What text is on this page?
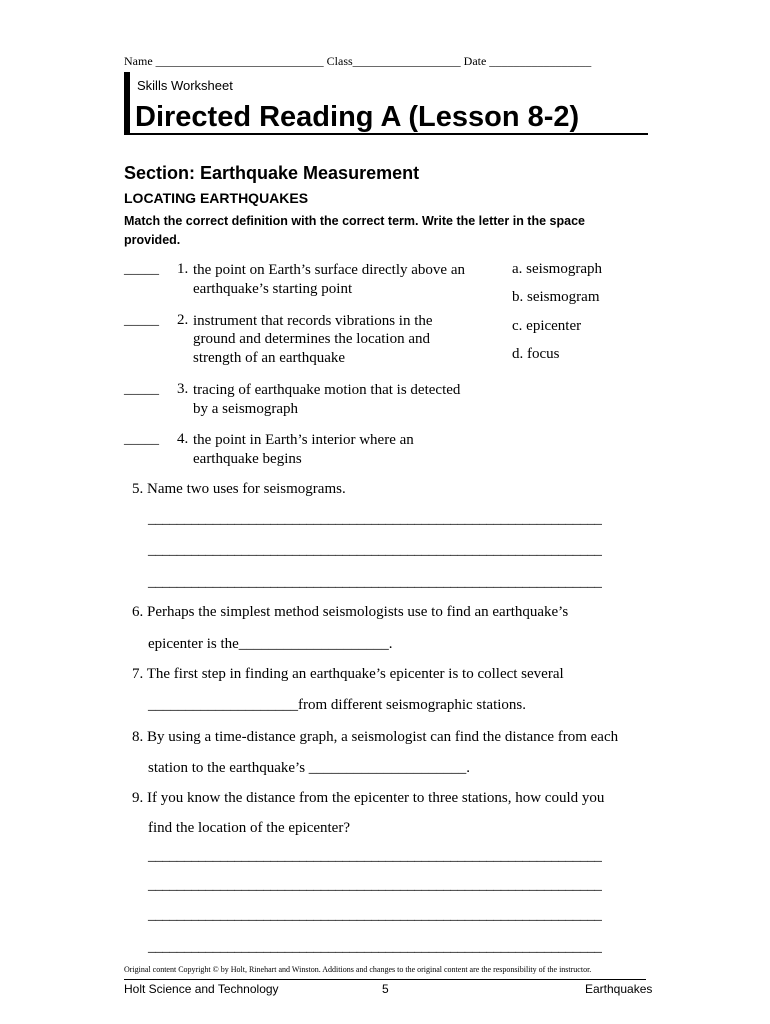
Name ____________________________ Class__________________ Date _________________
Skills Worksheet
Directed Reading A (Lesson 8-2)
Section: Earthquake Measurement
LOCATING EARTHQUAKES
Match the correct definition with the correct term. Write the letter in the space provided.
_____ 1. the point on Earth’s surface directly above an
earthquake’s starting point
_____ 2. instrument that records vibrations in the
ground and determines the location and
strength of an earthquake
_____ 3. tracing of earthquake motion that is detected
by a seismograph
_____ 4. the point in Earth’s interior where an
earthquake begins
a. seismograph
b. seismogram
c. epicenter
d. focus
5. Name two uses for seismograms.
_______________________________________________________________
_______________________________________________________________
_______________________________________________________________
6. Perhaps the simplest method seismologists use to find an earthquake’s
epicenter is the____________________.
7. The first step in finding an earthquake’s epicenter is to collect several
____________________from different seismographic stations.
8. By using a time-distance graph, a seismologist can find the distance from each
station to the earthquake’s _____________________.
9. If you know the distance from the epicenter to three stations, how could you
find the location of the epicenter?
_______________________________________________________________
_______________________________________________________________
_______________________________________________________________
_______________________________________________________________
Original content Copyright © by Holt, Rinehart and Winston. Additions and changes to the original content are the responsibility of the instructor.
Holt Science and Technology	5	Earthquakes
